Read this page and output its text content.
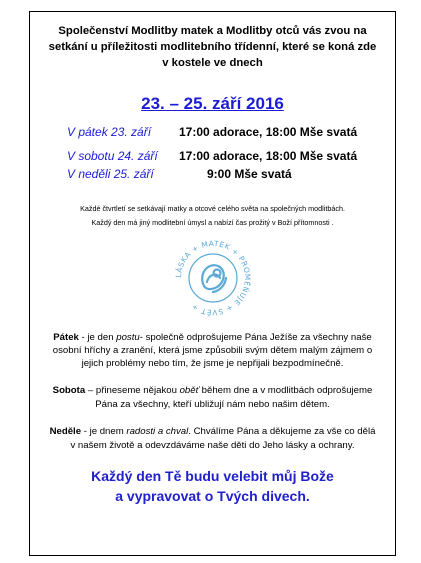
Společenství Modlitby matek a Modlitby otců vás zvou na
setkání u příležitosti modlitebního třídenní, které se koná zde
v kostele ve dnech
23. – 25. září 2016
V pátek 23. září 17:00 adorace, 18:00 Mše svatá
V sobotu 24. září 17:00 adorace, 18:00 Mše svatá
V neděli 25. září	9:00 Mše svatá
Každé čtvrtletí se setkávají matky a otcové celého světa na společných modlitbách.
Každý den má jiný modlitební úmysl a nabízí čas prožitý v Boží přítomnosti .
LÁSKA + MATEK + PROMĚŇUJE + SVĚT +
Pátek - je den postu- společně odprošujeme Pána Ježíše za všechny naše
osobní hříchy a zranění, která jsme způsobili svým dětem malým zájmem o
jejich problémy nebo tím, že jsme je nepřijali bezpodmínečně.
Sobota – přineseme nějakou oběť během dne a v modlitbách odprošujeme
Pána za všechny, kteří ubližují nám nebo našim dětem.
Neděle - je dnem radosti a chval. Chválíme Pána a děkujeme za vše co dělá
v našem životě a odevzdáváme naše děti do Jeho lásky a ochrany.
Každý den Tě budu velebit můj Bože
a vypravovat o Tvých divech.
